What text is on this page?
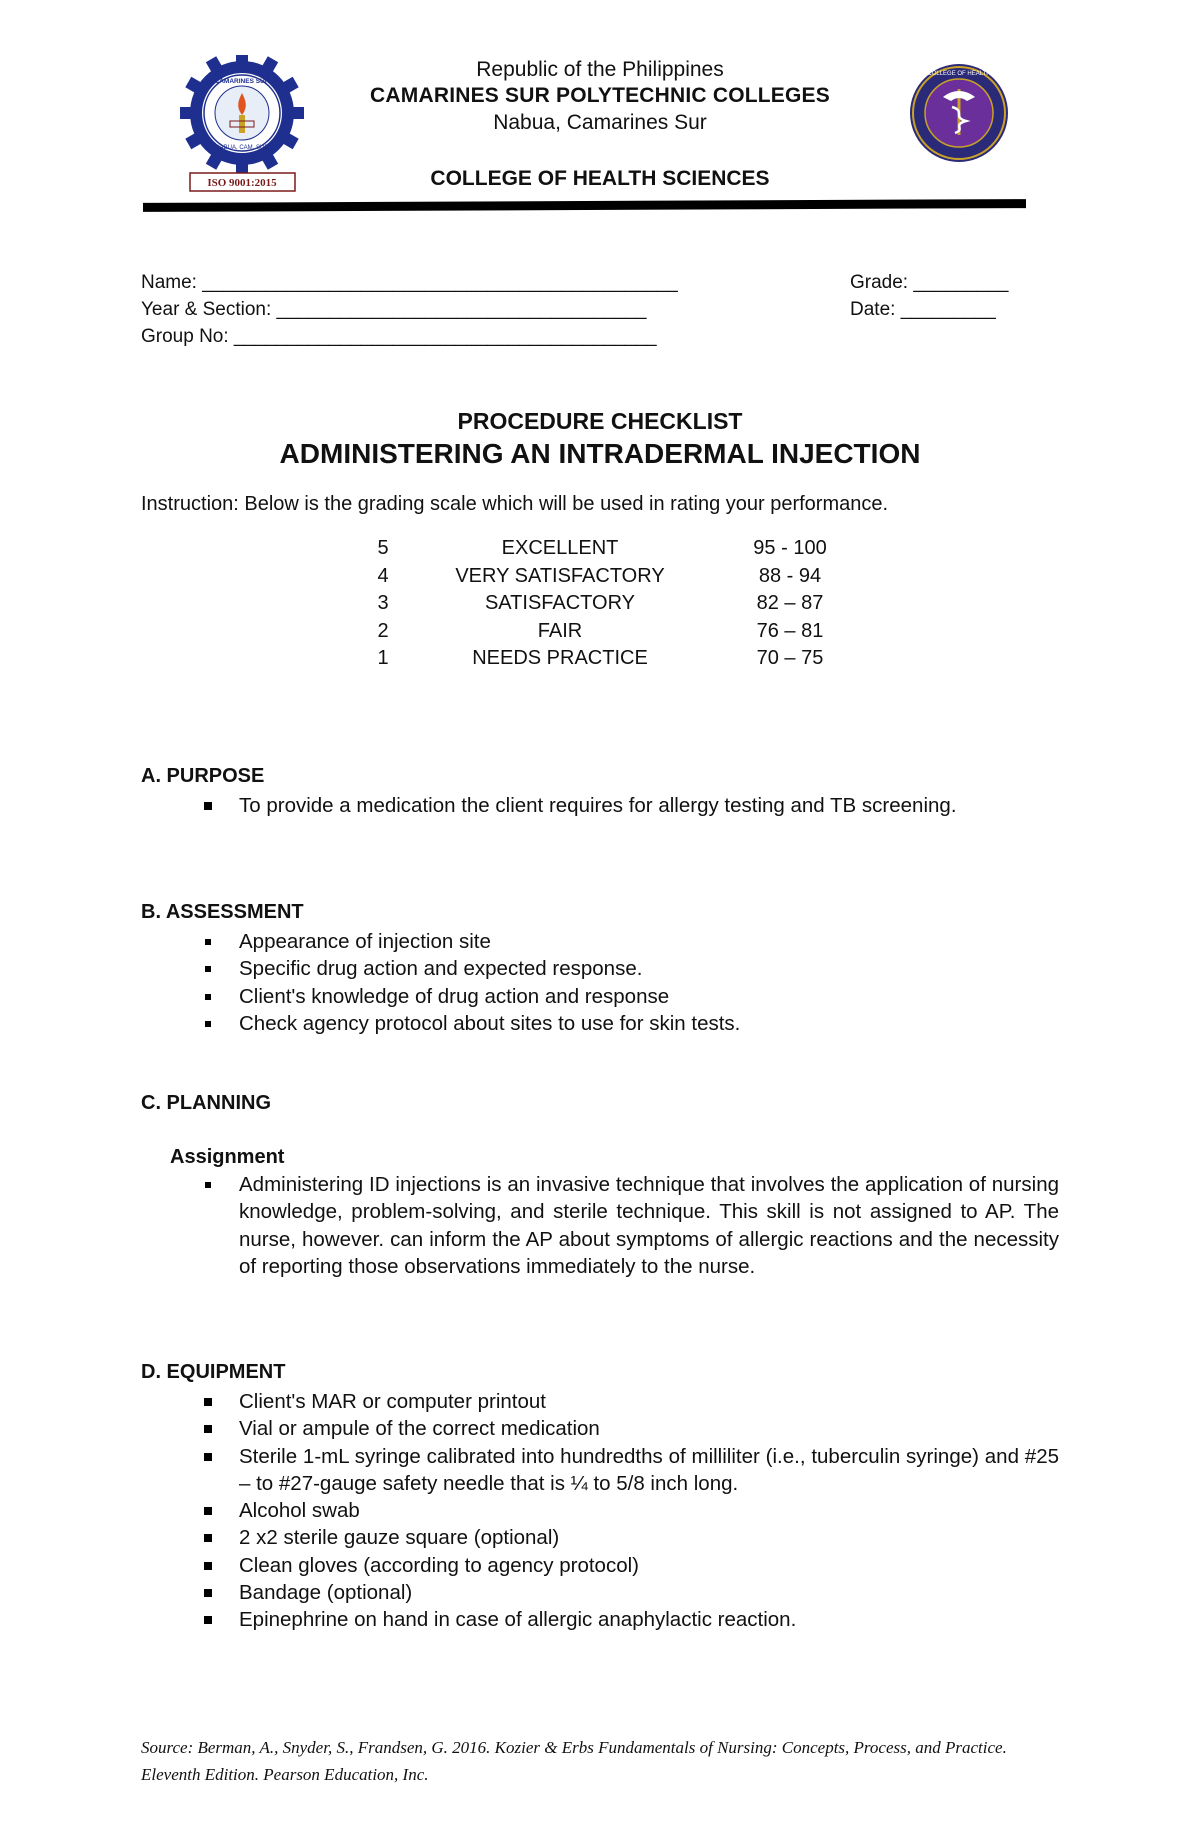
CAMARINES SUR
NABUA, CAM. SUR
ISO 9001:2015
COLLEGE OF HEALTH
Republic of the Philippines
CAMARINES SUR POLYTECHNIC COLLEGES
Nabua, Camarines Sur
COLLEGE OF HEALTH SCIENCES
Name: _____________________________________________
Year & Section: ___________________________________
Group No: ________________________________________
Grade: _________
Date: _________
PROCEDURE CHECKLIST
ADMINISTERING AN INTRADERMAL INJECTION
Instruction: Below is the grading scale which will be used in rating your performance.
5	EXCELLENT	95 - 100
4	VERY SATISFACTORY	88 - 94
3	SATISFACTORY	82 – 87
2	FAIR	76 – 81
1	NEEDS PRACTICE	70 – 75
A. PURPOSE
To provide a medication the client requires for allergy testing and TB screening.
B. ASSESSMENT
Appearance of injection site
Specific drug action and expected response.
Client's knowledge of drug action and response
Check agency protocol about sites to use for skin tests.
C. PLANNING
Assignment
Administering ID injections is an invasive technique that involves the application of nursing knowledge, problem-solving, and sterile technique. This skill is not assigned to AP. The nurse, however. can inform the AP about symptoms of allergic reactions and the necessity of reporting those observations immediately to the nurse.
D. EQUIPMENT
Client's MAR or computer printout
Vial or ampule of the correct medication
Sterile 1-mL syringe calibrated into hundredths of milliliter (i.e., tuberculin syringe) and #25 – to #27-gauge safety needle that is ¼ to 5/8 inch long.
Alcohol swab
2 x2 sterile gauze square (optional)
Clean gloves (according to agency protocol)
Bandage (optional)
Epinephrine on hand in case of allergic anaphylactic reaction.
Source: Berman, A., Snyder, S., Frandsen, G. 2016. Kozier & Erbs Fundamentals of Nursing: Concepts, Process, and Practice. Eleventh Edition. Pearson Education, Inc.
